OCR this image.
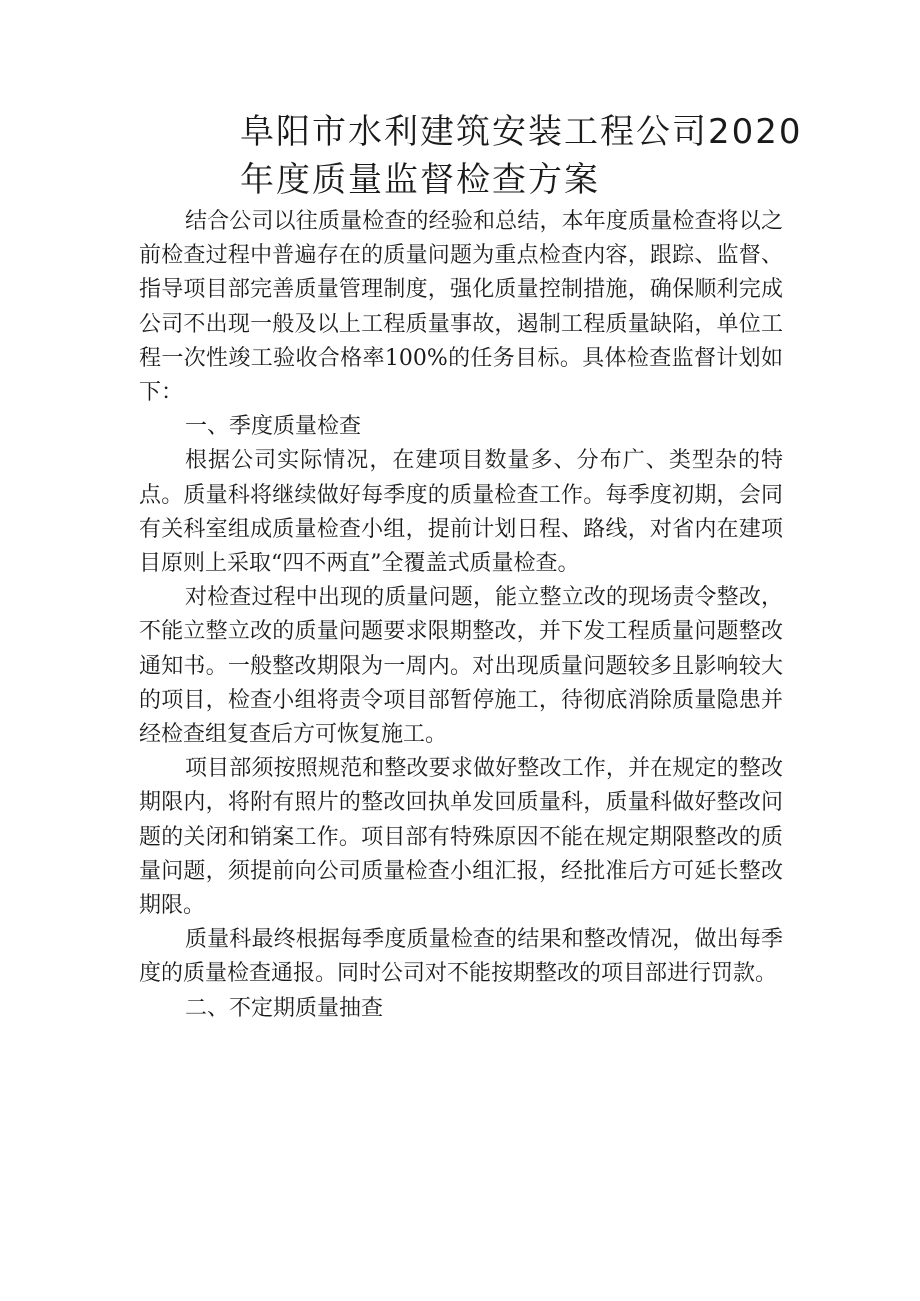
阜阳市水利建筑安装工程公司2020
年度质量监督检查方案

结合公司以往质量检查的经验和总结，本年度质量检查将以之前检查过程中普遍存在的质量问题为重点检查内容，跟踪、监督、指导项目部完善质量管理制度，强化质量控制措施，确保顺利完成公司不出现一般及以上工程质量事故，遏制工程质量缺陷，单位工程一次性竣工验收合格率100%的任务目标。具体检查监督计划如下：

一、季度质量检查

根据公司实际情况，在建项目数量多、分布广、类型杂的特点。质量科将继续做好每季度的质量检查工作。每季度初期，会同有关科室组成质量检查小组，提前计划日程、路线，对省内在建项目原则上采取“四不两直”全覆盖式质量检查。

对检查过程中出现的质量问题，能立整立改的现场责令整改，不能立整立改的质量问题要求限期整改，并下发工程质量问题整改通知书。一般整改期限为一周内。对出现质量问题较多且影响较大的项目，检查小组将责令项目部暂停施工，待彻底消除质量隐患并经检查组复查后方可恢复施工。

项目部须按照规范和整改要求做好整改工作，并在规定的整改期限内，将附有照片的整改回执单发回质量科，质量科做好整改问题的关闭和销案工作。项目部有特殊原因不能在规定期限整改的质量问题，须提前向公司质量检查小组汇报，经批准后方可延长整改期限。

质量科最终根据每季度质量检查的结果和整改情况，做出每季度的质量检查通报。同时公司对不能按期整改的项目部进行罚款。

二、不定期质量抽查
